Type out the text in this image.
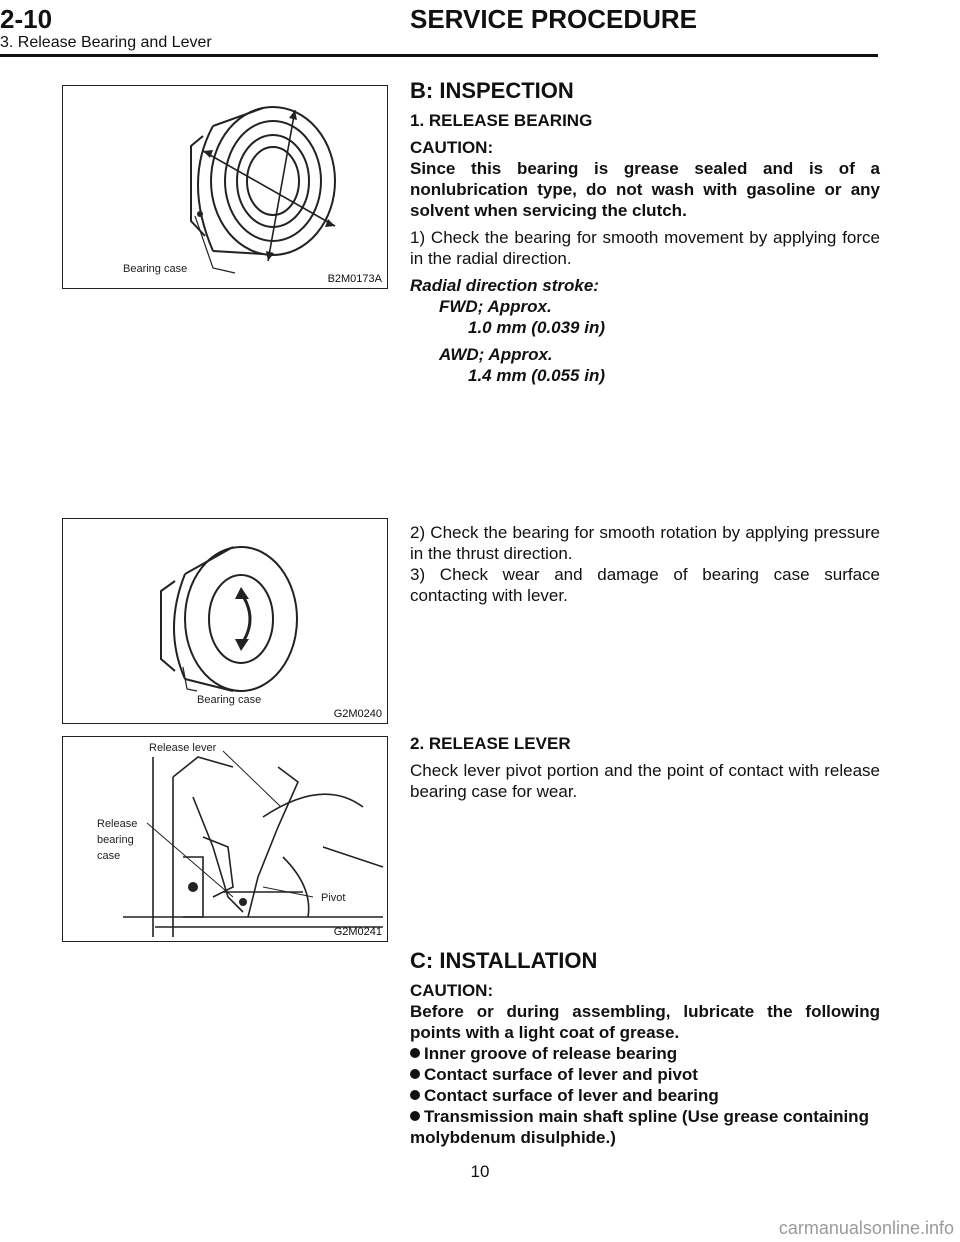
2-10	SERVICE PROCEDURE
3. Release Bearing and Lever
Bearing case
B2M0173A
Bearing case
G2M0240
Release lever
Release
bearing
case
Pivot
G2M0241

B: INSPECTION

1. RELEASE BEARING

CAUTION:

Since this bearing is grease sealed and is of a nonlubrication type, do not wash with gasoline or any solvent when servicing the clutch.

1) Check the bearing for smooth movement by applying force in the radial direction.

Radial direction stroke:

FWD; Approx.

1.0 mm (0.039 in)

AWD; Approx.

1.4 mm (0.055 in)

2) Check the bearing for smooth rotation by applying pressure in the thrust direction.

3) Check wear and damage of bearing case surface contacting with lever.

2. RELEASE LEVER

Check lever pivot portion and the point of contact with release bearing case for wear.

C: INSTALLATION

CAUTION:

Before or during assembling, lubricate the following points with a light coat of grease.

Inner groove of release bearing

Contact surface of lever and pivot

Contact surface of lever and bearing

Transmission main shaft spline (Use grease containing molybdenum disulphide.)

10
carmanualsonline.info
